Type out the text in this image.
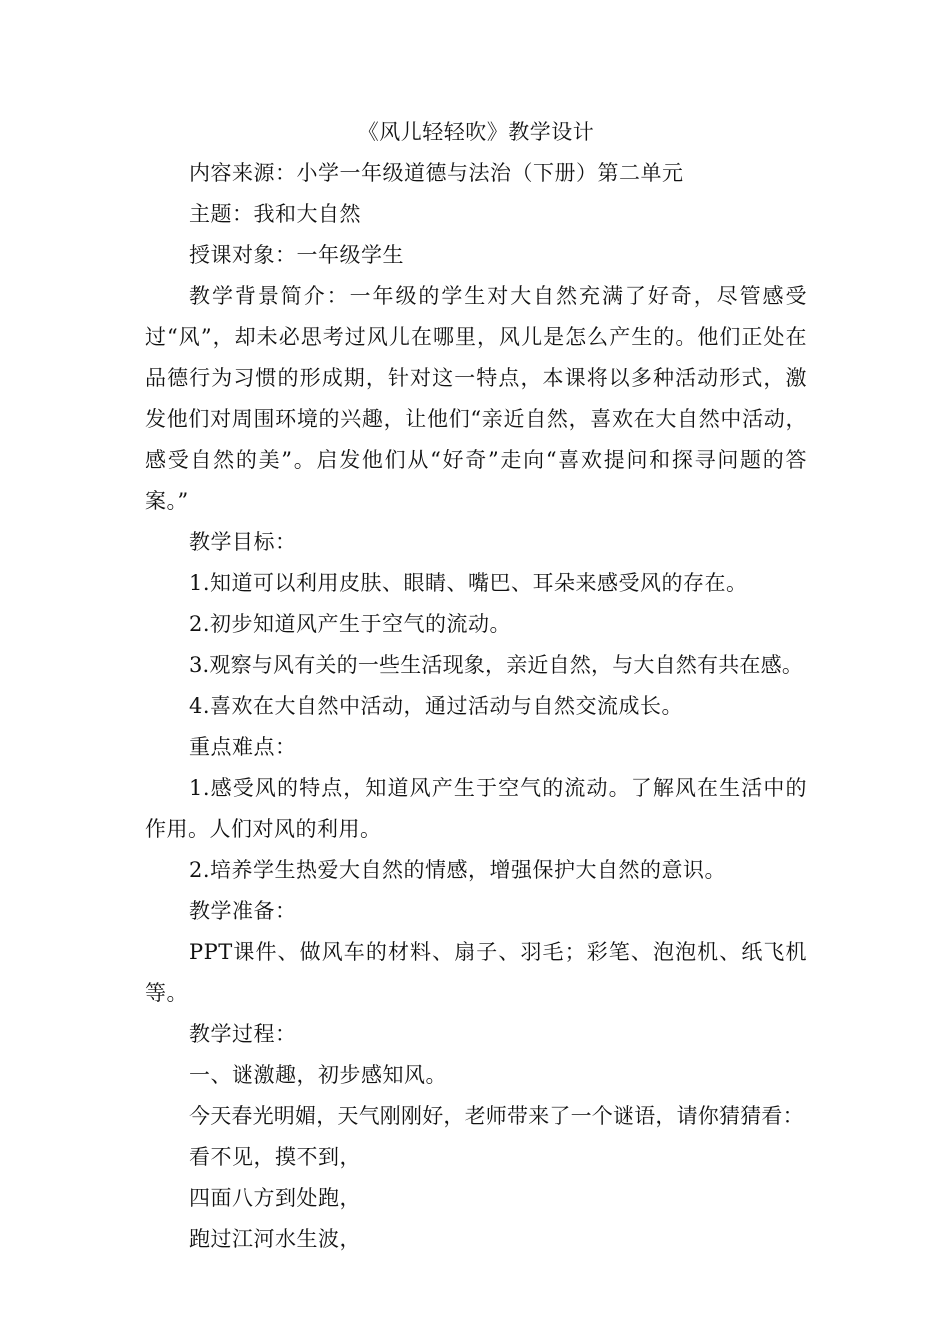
《风儿轻轻吹》教学设计

内容来源：小学一年级道德与法治（下册）第二单元

主题：我和大自然

授课对象：一年级学生

教学背景简介：一年级的学生对大自然充满了好奇，尽管感受过“风”，却未必思考过风儿在哪里，风儿是怎么产生的。他们正处在品德行为习惯的形成期，针对这一特点，本课将以多种活动形式，激发他们对周围环境的兴趣，让他们“亲近自然，喜欢在大自然中活动，感受自然的美”。启发他们从“好奇”走向“喜欢提问和探寻问题的答案。”

教学目标：

1.知道可以利用皮肤、眼睛、嘴巴、耳朵来感受风的存在。

2.初步知道风产生于空气的流动。

3.观察与风有关的一些生活现象，亲近自然，与大自然有共在感。

4.喜欢在大自然中活动，通过活动与自然交流成长。

重点难点：

1.感受风的特点，知道风产生于空气的流动。了解风在生活中的作用。人们对风的利用。

2.培养学生热爱大自然的情感，增强保护大自然的意识。

教学准备：

PPT课件、做风车的材料、扇子、羽毛；彩笔、泡泡机、纸飞机等。

教学过程：

一、谜激趣，初步感知风。

今天春光明媚，天气刚刚好，老师带来了一个谜语，请你猜猜看：

看不见，摸不到，

四面八方到处跑，

跑过江河水生波，
